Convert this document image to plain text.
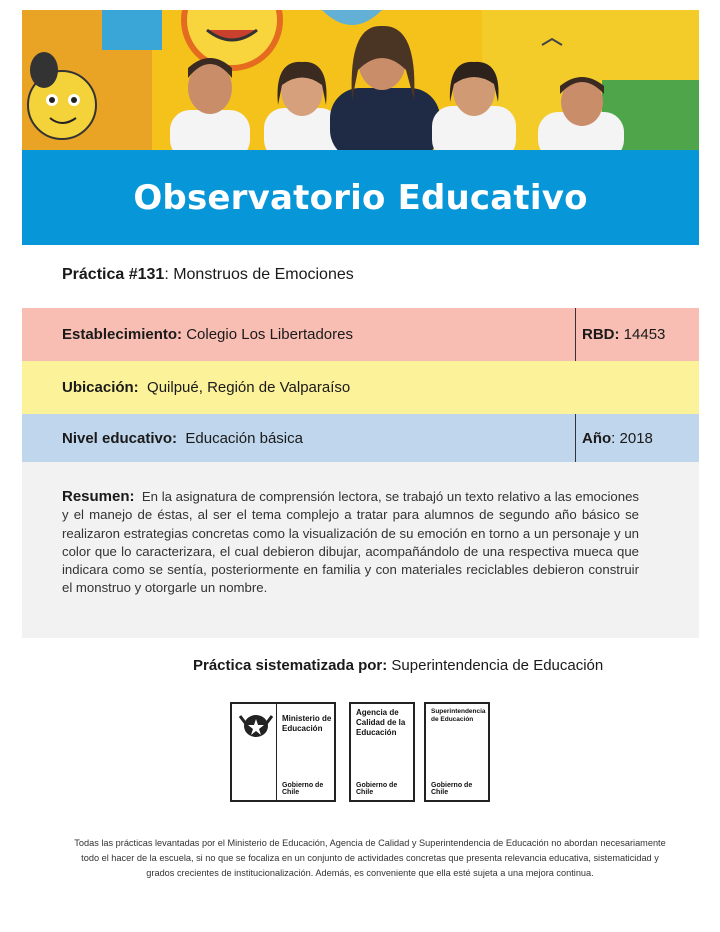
Observatorio Educativo
Práctica #131: Monstruos de Emociones
Establecimiento:
Colegio Los Libertadores	RBD:
14453
Ubicación:
Quilpué, Región de Valparaíso
Nivel educativo:
Educación básica	Año : 2018
Resumen: En la asignatura de comprensión lectora, se trabajó un texto relativo a las emociones y el manejo de éstas, al ser el tema complejo a tratar para alumnos de segundo año básico se realizaron estrategias concretas como la visualización de su emoción en torno a un personaje y un color que lo caracterizara, el cual debieron dibujar, acompañándolo de una respectiva mueca que indicara como se sentía, posteriormente en familia y con materiales reciclables debieron construir el monstruo y otorgarle un nombre.
Práctica sistematizada por: Superintendencia de Educación
Ministerio de
Educación
Gobierno de Chile
Agencia de
Calidad de la
Educación
Gobierno de Chile
Superintendencia
de Educación
Gobierno de Chile
Todas las prácticas levantadas por el Ministerio de Educación, Agencia de Calidad y Superintendencia de Educación no abordan necesariamente todo el hacer de la escuela, si no que se focaliza en un conjunto de actividades concretas que presenta relevancia educativa, sistematicidad y grados crecientes de institucionalización. Además, es conveniente que ella esté sujeta a una mejora continua.
